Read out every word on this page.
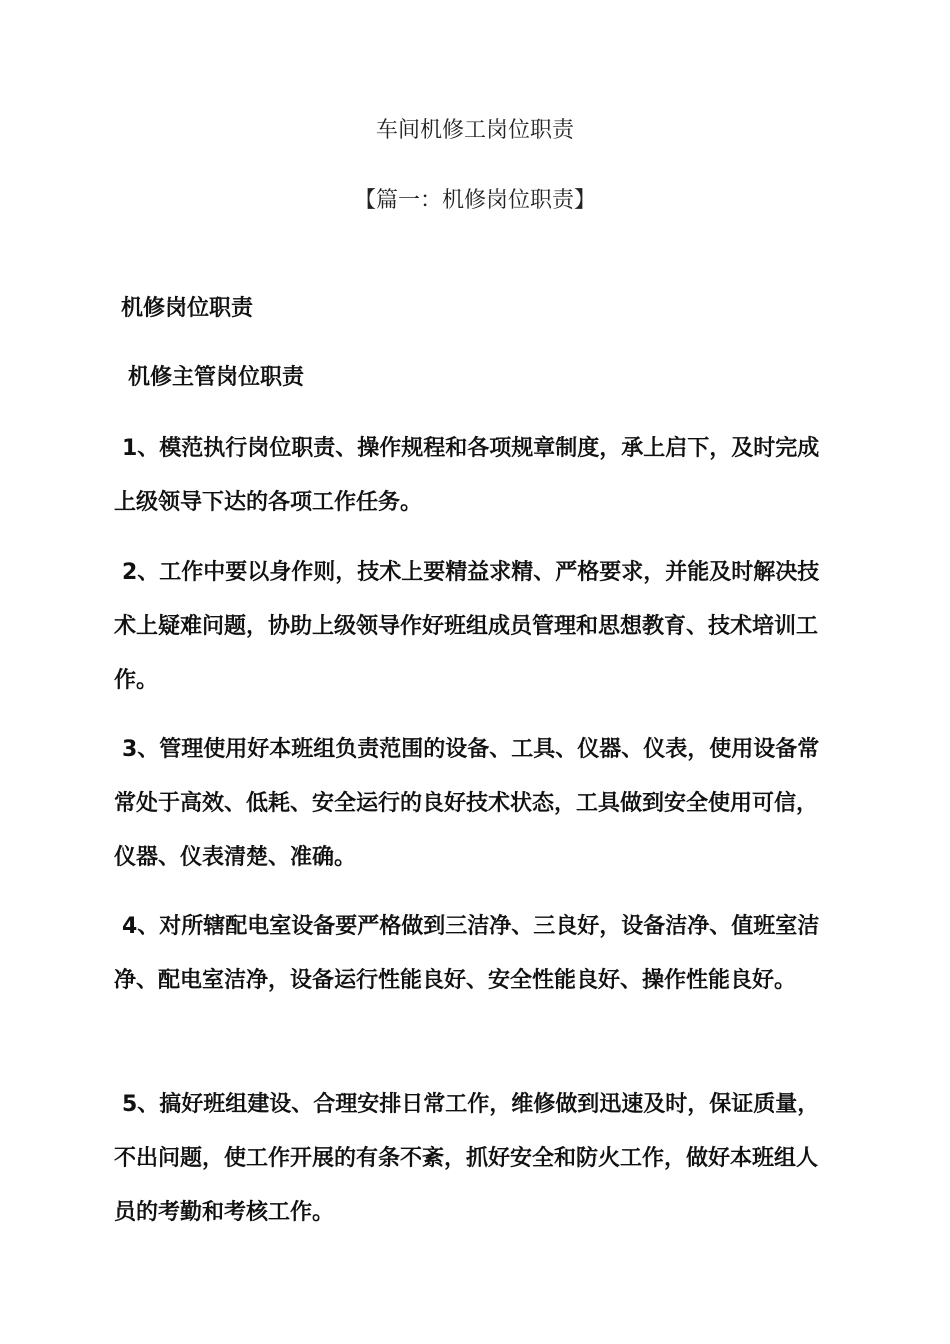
车间机修工岗位职责
【篇一：机修岗位职责】
机修岗位职责
机修主管岗位职责
1、模范执行岗位职责、操作规程和各项规章制度，承上启下，及时完成上级领导下达的各项工作任务。
2、工作中要以身作则，技术上要精益求精、严格要求，并能及时解决技术上疑难问题，协助上级领导作好班组成员管理和思想教育、技术培训工作。
3、管理使用好本班组负责范围的设备、工具、仪器、仪表，使用设备常常处于高效、低耗、安全运行的良好技术状态，工具做到安全使用可信，仪器、仪表清楚、准确。
4、对所辖配电室设备要严格做到三洁净、三良好，设备洁净、值班室洁净、配电室洁净，设备运行性能良好、安全性能良好、操作性能良好。
5、搞好班组建设、合理安排日常工作，维修做到迅速及时，保证质量，不出问题，使工作开展的有条不紊，抓好安全和防火工作，做好本班组人员的考勤和考核工作。
